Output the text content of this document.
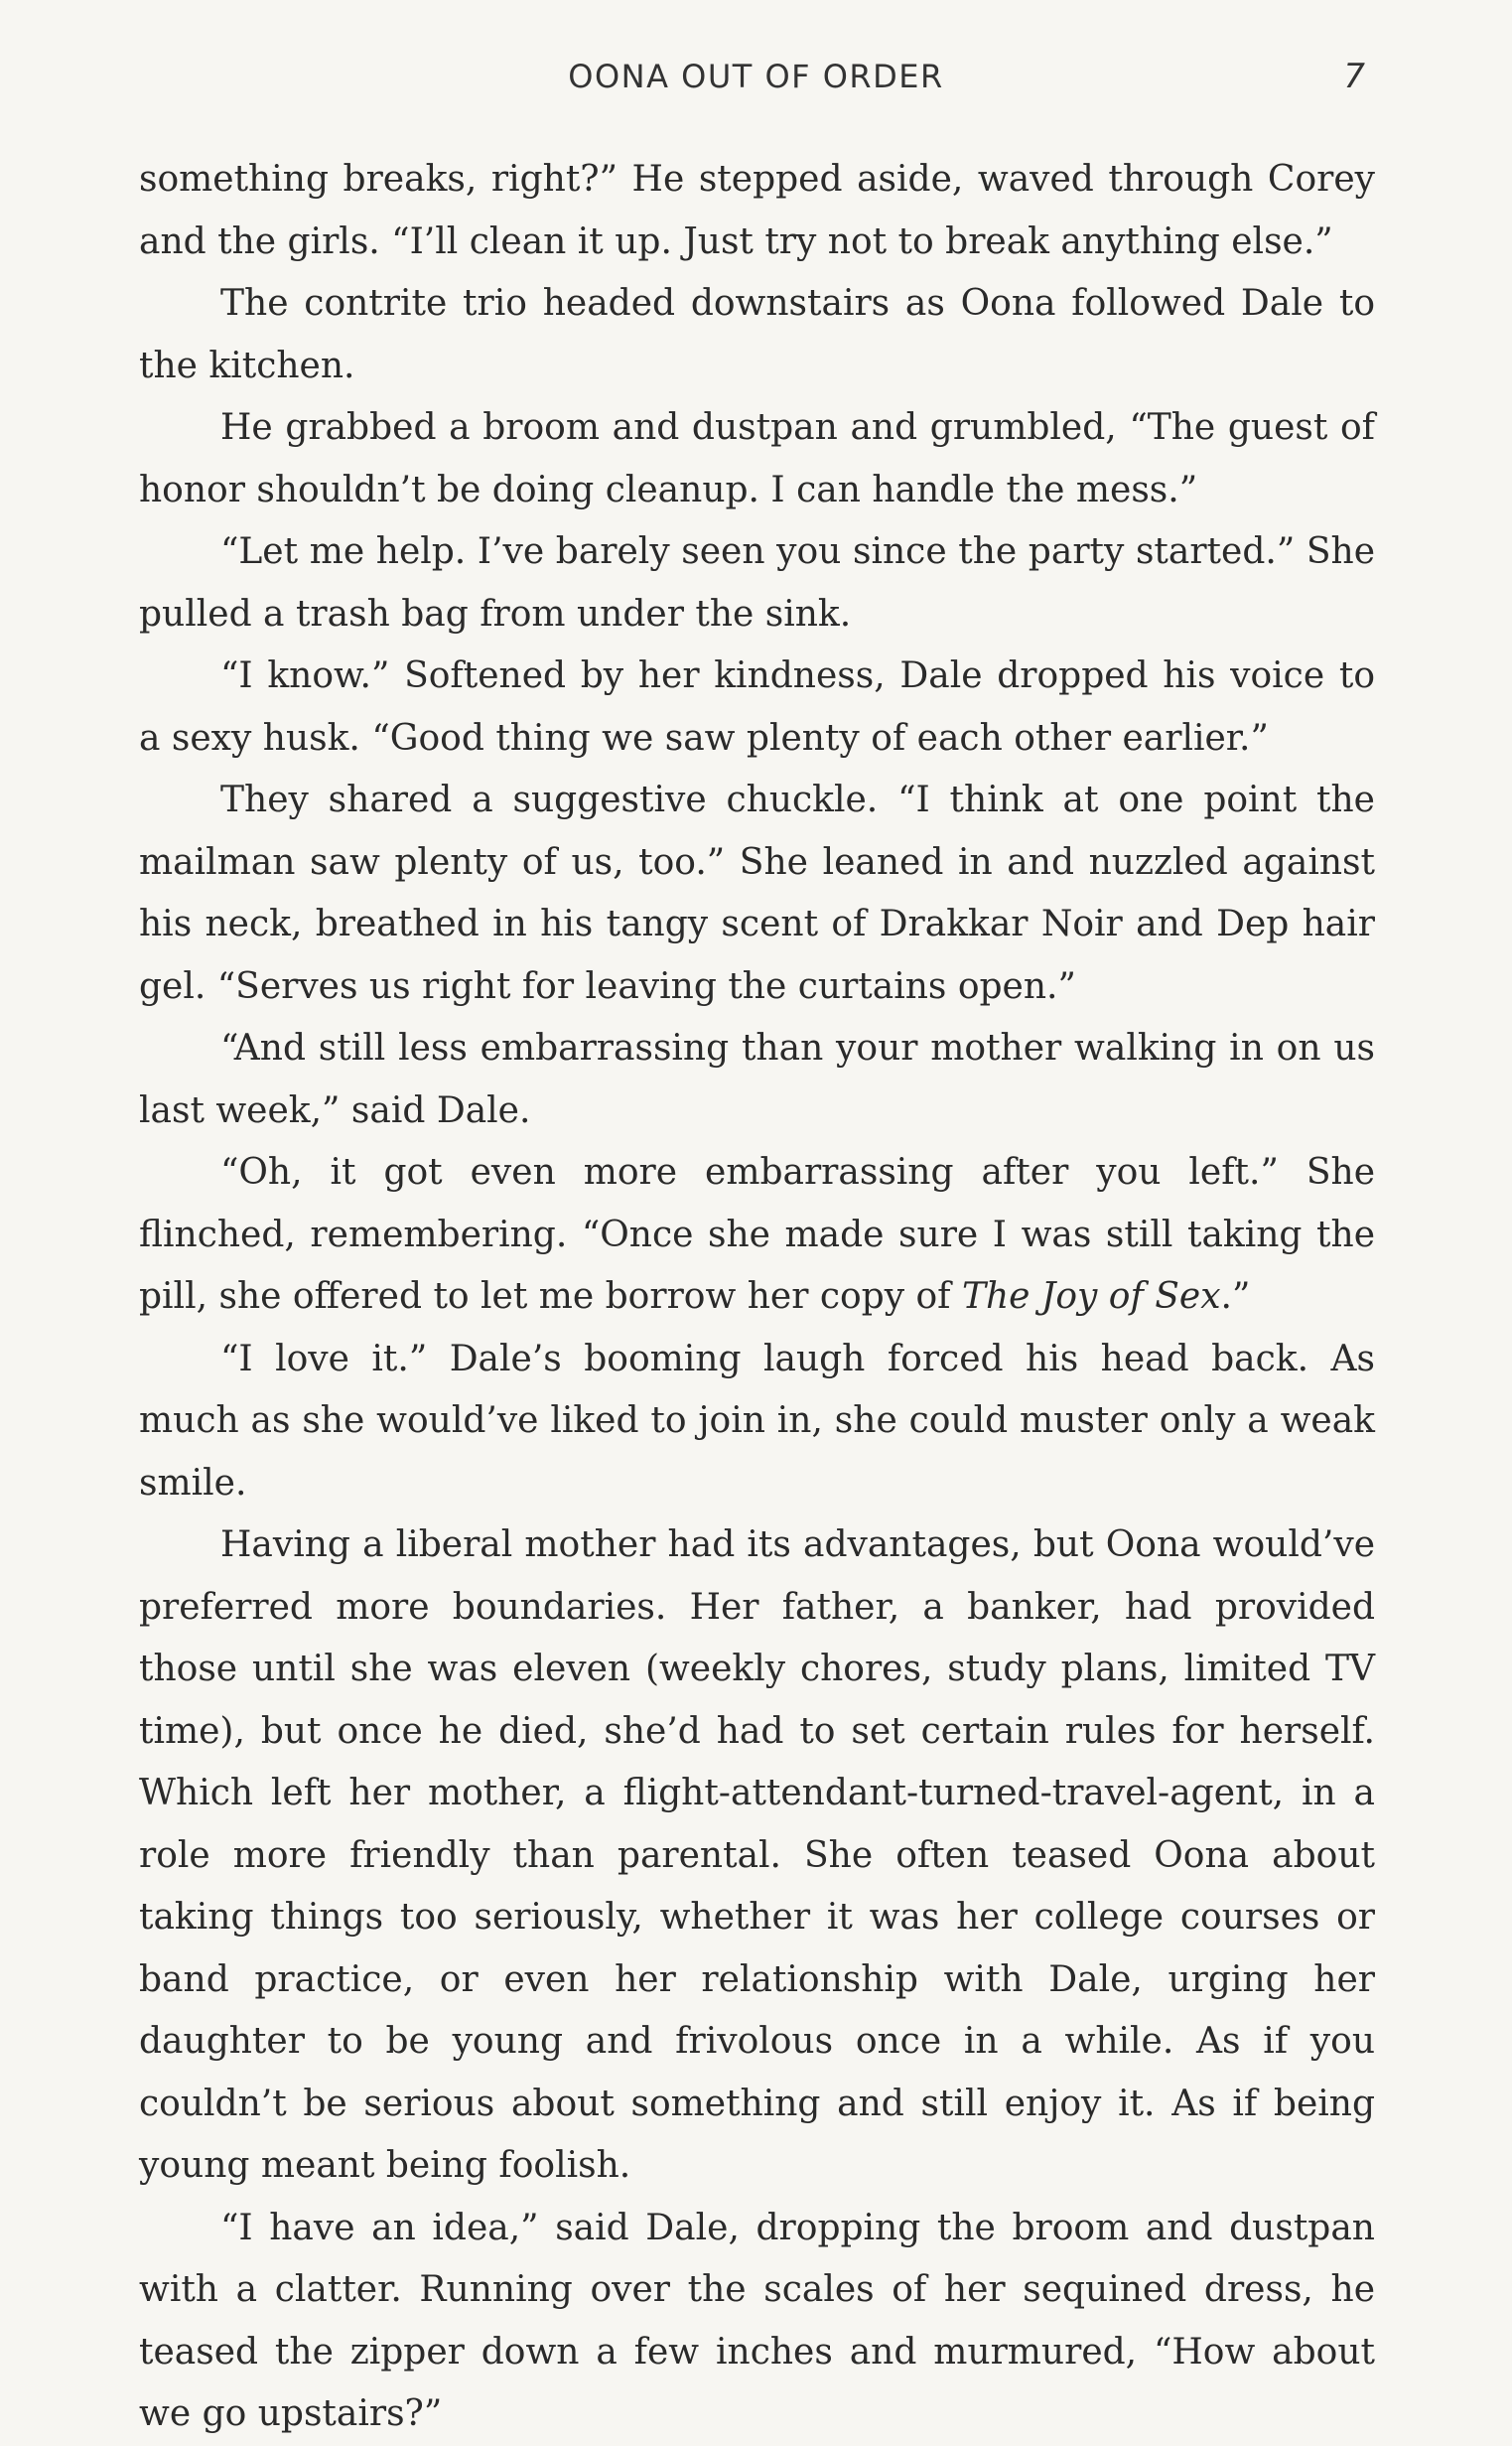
OONA OUT OF ORDER	7

something breaks, right?” He stepped aside, waved through Corey and the girls. “I’ll clean it up. Just try not to break anything else.”

The contrite trio headed downstairs as Oona followed Dale to the kitchen.

He grabbed a broom and dustpan and grumbled, “The guest of honor shouldn’t be doing cleanup. I can handle the mess.”

“Let me help. I’ve barely seen you since the party started.” She pulled a trash bag from under the sink.

“I know.” Softened by her kindness, Dale dropped his voice to a sexy husk. “Good thing we saw plenty of each other earlier.”

They shared a suggestive chuckle. “I think at one point the mailman saw plenty of us, too.” She leaned in and nuzzled against his neck, breathed in his tangy scent of Drakkar Noir and Dep hair gel. “Serves us right for leaving the curtains open.”

“And still less embarrassing than your mother walking in on us last week,” said Dale.

“Oh, it got even more embarrassing after you left.” She flinched, remembering. “Once she made sure I was still taking the pill, she offered to let me borrow her copy of The Joy of Sex.”

“I love it.” Dale’s booming laugh forced his head back. As much as she would’ve liked to join in, she could muster only a weak smile.

Having a liberal mother had its advantages, but Oona would’ve preferred more boundaries. Her father, a banker, had provided those until she was eleven (weekly chores, study plans, limited TV time), but once he died, she’d had to set certain rules for herself. Which left her mother, a flight-attendant-turned-travel-agent, in a role more friendly than parental. She often teased Oona about taking things too seriously, whether it was her college courses or band practice, or even her relationship with Dale, urging her daughter to be young and frivolous once in a while. As if you couldn’t be serious about something and still enjoy it. As if being young meant being foolish.

“I have an idea,” said Dale, dropping the broom and dustpan with a clatter. Running over the scales of her sequined dress, he teased the zipper down a few inches and murmured, “How about we go upstairs?”
